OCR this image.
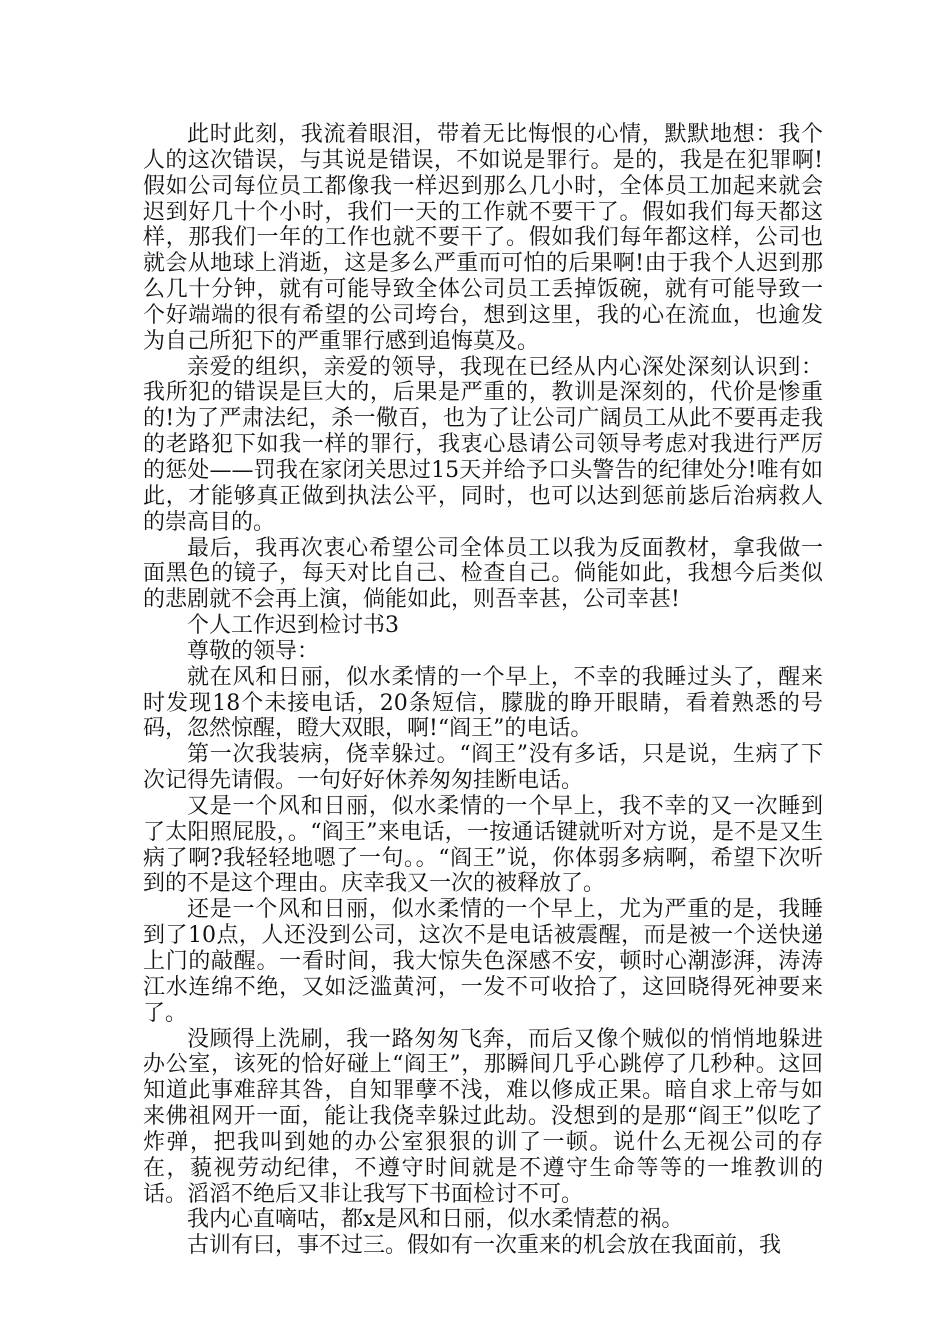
此时此刻，我流着眼泪，带着无比悔恨的心情，默默地想：我个人的这次错误，与其说是错误，不如说是罪行。是的，我是在犯罪啊!假如公司每位员工都像我一样迟到那么几小时，全体员工加起来就会迟到好几十个小时，我们一天的工作就不要干了。假如我们每天都这样，那我们一年的工作也就不要干了。假如我们每年都这样，公司也就会从地球上消逝，这是多么严重而可怕的后果啊!由于我个人迟到那么几十分钟，就有可能导致全体公司员工丢掉饭碗，就有可能导致一个好端端的很有希望的公司垮台，想到这里，我的心在流血，也逾发为自己所犯下的严重罪行感到追悔莫及。

亲爱的组织，亲爱的领导，我现在已经从内心深处深刻认识到：我所犯的错误是巨大的，后果是严重的，教训是深刻的，代价是惨重的!为了严肃法纪，杀一儆百，也为了让公司广阔员工从此不要再走我的老路犯下如我一样的罪行，我衷心恳请公司领导考虑对我进行严厉的惩处——罚我在家闭关思过15天并给予口头警告的纪律处分!唯有如此，才能够真正做到执法公平，同时，也可以达到惩前毖后治病救人的崇高目的。

最后，我再次衷心希望公司全体员工以我为反面教材，拿我做一面黑色的镜子，每天对比自己、检查自己。倘能如此，我想今后类似的悲剧就不会再上演，倘能如此，则吾幸甚，公司幸甚!

个人工作迟到检讨书3

尊敬的领导：

就在风和日丽，似水柔情的一个早上，不幸的我睡过头了，醒来时发现18个未接电话，20条短信，朦胧的睁开眼睛，看着熟悉的号码，忽然惊醒，瞪大双眼，啊!“阎王”的电话。

第一次我装病，侥幸躲过。“阎王”没有多话，只是说，生病了下次记得先请假。一句好好休养匆匆挂断电话。

又是一个风和日丽，似水柔情的一个早上，我不幸的又一次睡到了太阳照屁股，。“阎王”来电话，一按通话键就听对方说，是不是又生病了啊?我轻轻地嗯了一句。。“阎王”说，你体弱多病啊，希望下次听到的不是这个理由。庆幸我又一次的被释放了。

还是一个风和日丽，似水柔情的一个早上，尤为严重的是，我睡到了10点，人还没到公司，这次不是电话被震醒，而是被一个送快递上门的敲醒。一看时间，我大惊失色深感不安，顿时心潮澎湃，涛涛江水连绵不绝，又如泛滥黄河，一发不可收拾了，这回晓得死神要来了。

没顾得上洗刷，我一路匆匆飞奔，而后又像个贼似的悄悄地躲进办公室，该死的恰好碰上“阎王”，那瞬间几乎心跳停了几秒种。这回知道此事难辞其咎，自知罪孽不浅，难以修成正果。暗自求上帝与如来佛祖网开一面，能让我侥幸躲过此劫。没想到的是那“阎王”似吃了炸弹，把我叫到她的办公室狠狠的训了一顿。说什么无视公司的存在，藐视劳动纪律，不遵守时间就是不遵守生命等等的一堆教训的话。滔滔不绝后又非让我写下书面检讨不可。

我内心直嘀咕，都x是风和日丽，似水柔情惹的祸。

古训有曰，事不过三。假如有一次重来的机会放在我面前，我
